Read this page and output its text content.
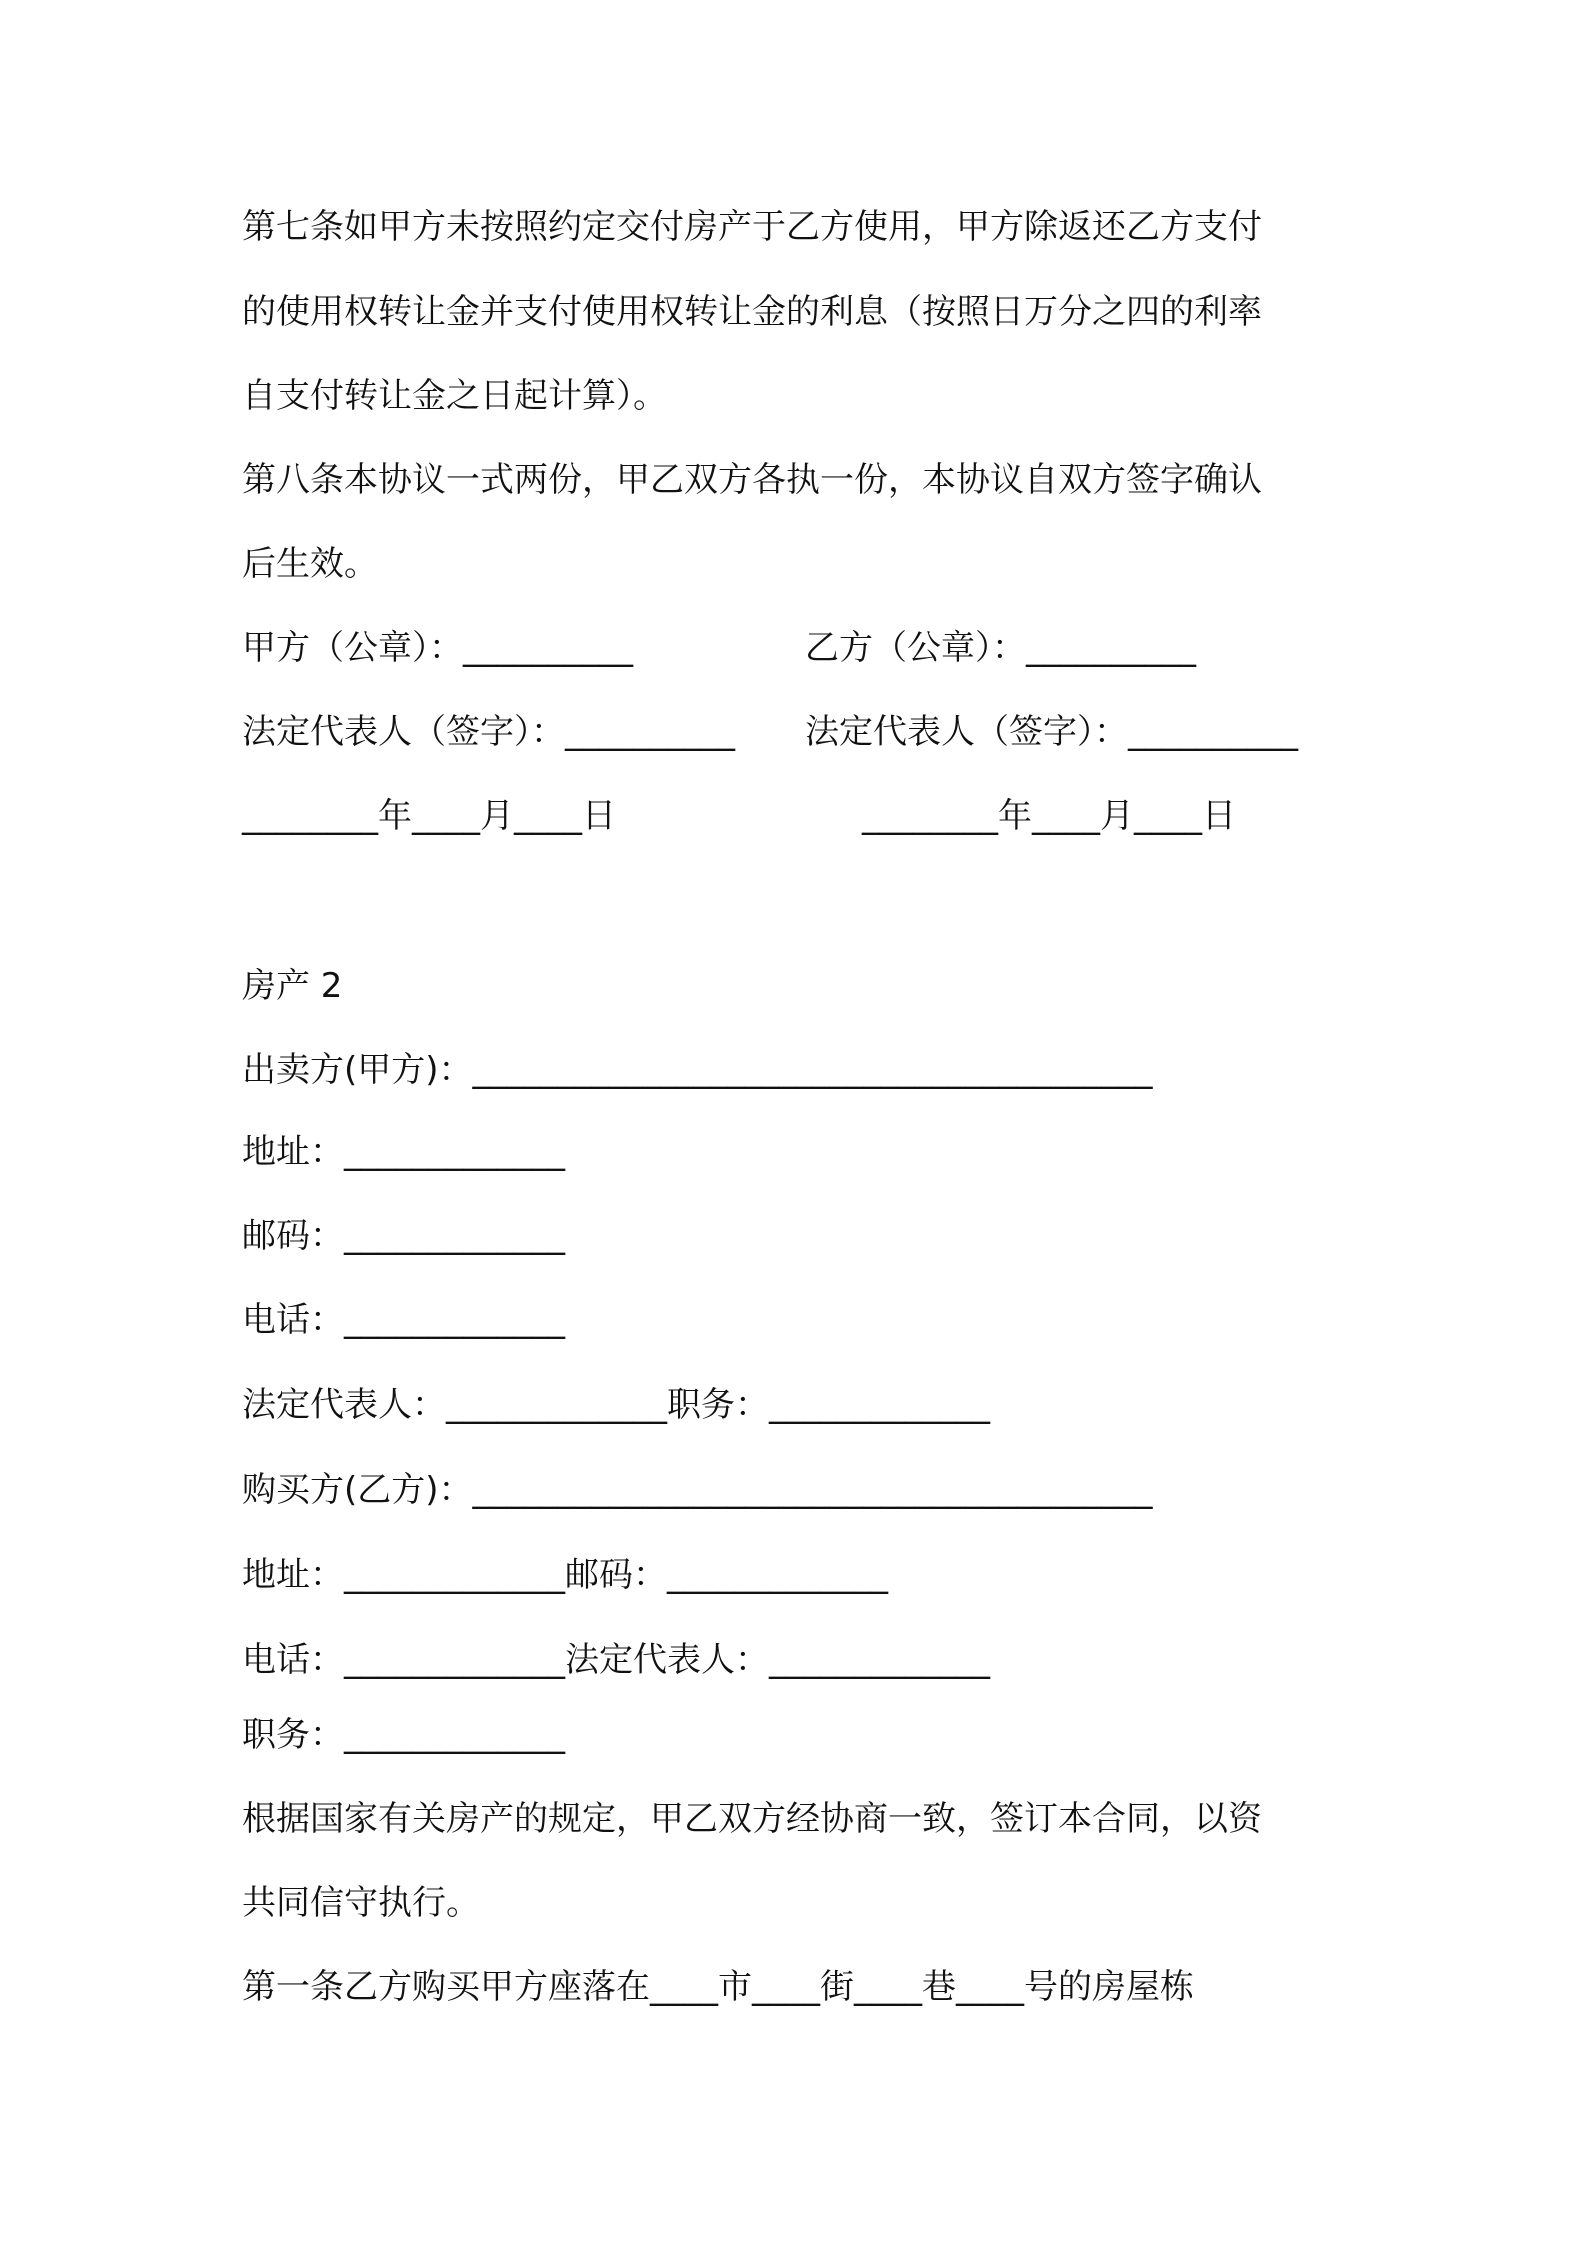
第七条如甲方未按照约定交付房产于乙方使用，甲方除返还乙方支付
的使用权转让金并支付使用权转让金的利息（按照日万分之四的利率
自支付转让金之日起计算）。
第八条本协议一式两份，甲乙双方各执一份，本协议自双方签字确认
后生效。
甲方（公章）：__________	乙方（公章）：__________
法定代表人（签字）：__________ 法定代表人（签字）：__________
________年____月____日	________年____月____日
房产 2
出卖方(甲方)：________________________________________
地址：_____________
邮码：_____________
电话：_____________
法定代表人：_____________职务：_____________
购买方(乙方)：________________________________________
地址：_____________邮码：_____________
电话：_____________法定代表人：_____________
职务：_____________
根据国家有关房产的规定，甲乙双方经协商一致，签订本合同，以资
共同信守执行。
第一条乙方购买甲方座落在____市____街____巷____号的房屋栋
